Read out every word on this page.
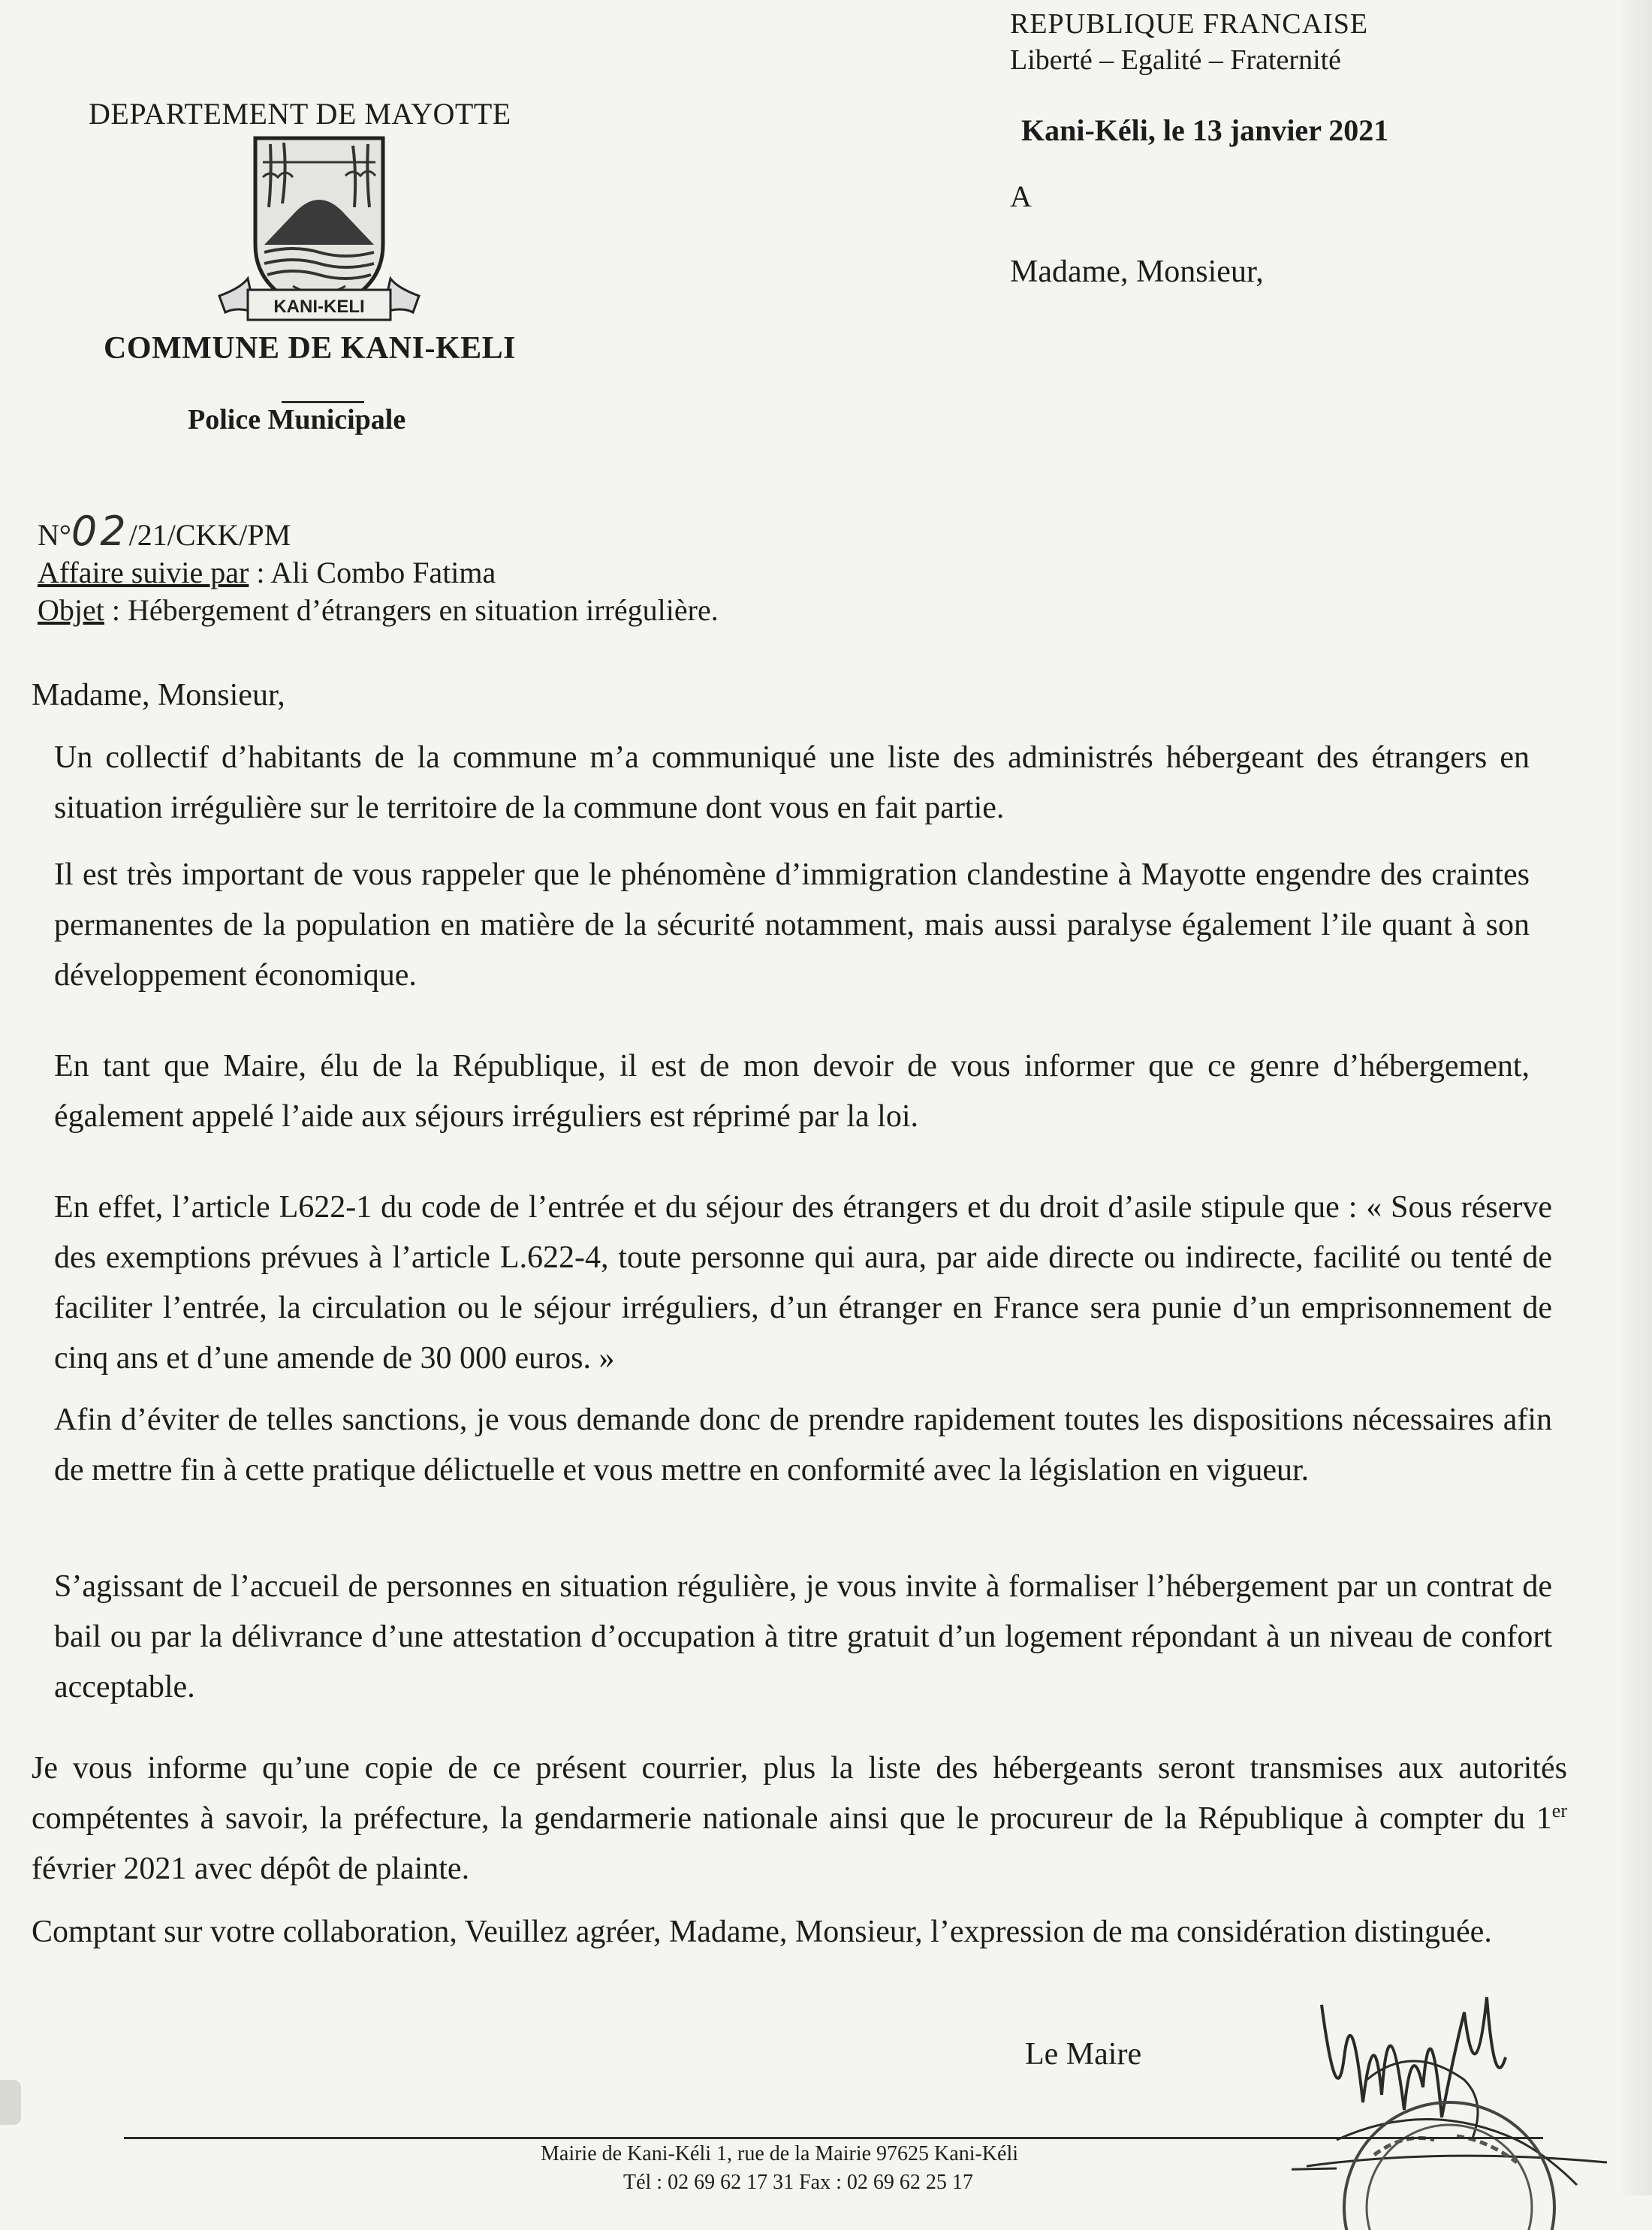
REPUBLIQUE FRANCAISE
Liberté – Egalité – Fraternité
Kani-Kéli, le 13 janvier 2021
A
Madame, Monsieur,
DEPARTEMENT DE MAYOTTE
KANI-KELI
COMMUNE DE KANI-KELI
Police Municipale
N°02/21/CKK/PM
Affaire suivie par : Ali Combo Fatima
Objet : Hébergement d’étrangers en situation irrégulière.
Madame, Monsieur,
Un collectif d’habitants de la commune m’a communiqué une liste des administrés hébergeant des étrangers en situation irrégulière sur le territoire de la commune dont vous en fait partie.
Il est très important de vous rappeler que le phénomène d’immigration clandestine à Mayotte engendre des craintes permanentes de la population en matière de la sécurité notamment, mais aussi paralyse également l’ile quant à son développement économique.
En tant que Maire, élu de la République, il est de mon devoir de vous informer que ce genre d’hébergement, également appelé l’aide aux séjours irréguliers est réprimé par la loi.
En effet, l’article L622-1 du code de l’entrée et du séjour des étrangers et du droit d’asile stipule que : « Sous réserve des exemptions prévues à l’article L.622-4, toute personne qui aura, par aide directe ou indirecte, facilité ou tenté de faciliter l’entrée, la circulation ou le séjour irréguliers, d’un étranger en France sera punie d’un emprisonnement de cinq ans et d’une amende de 30 000 euros. »
Afin d’éviter de telles sanctions, je vous demande donc de prendre rapidement toutes les dispositions nécessaires afin de mettre fin à cette pratique délictuelle et vous mettre en conformité avec la législation en vigueur.
S’agissant de l’accueil de personnes en situation régulière, je vous invite à formaliser l’hébergement par un contrat de bail ou par la délivrance d’une attestation d’occupation à titre gratuit d’un logement répondant à un niveau de confort acceptable.
Je vous informe qu’une copie de ce présent courrier, plus la liste des hébergeants seront transmises aux autorités compétentes à savoir, la préfecture, la gendarmerie nationale ainsi que le procureur de la République à compter du 1er février 2021 avec dépôt de plainte.
Comptant sur votre collaboration, Veuillez agréer, Madame, Monsieur, l’expression de ma considération distinguée.
Le Maire
Mairie de Kani-Kéli 1, rue de la Mairie 97625 Kani-Kéli
Tél : 02 69 62 17 31 Fax : 02 69 62 25 17
